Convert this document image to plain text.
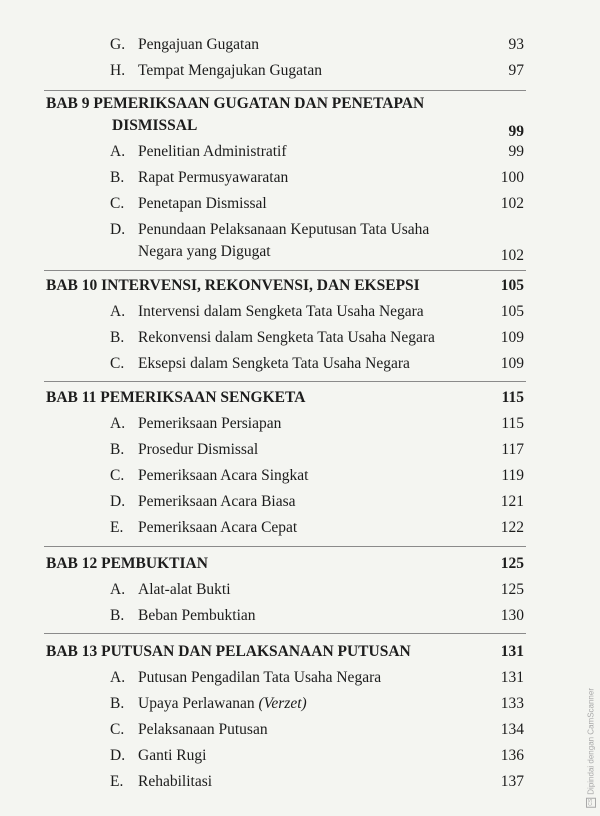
G. Pengajuan Gugatan	93
H. Tempat Mengajukan Gugatan	97
BAB 9 PEMERIKSAAN GUGATAN DAN PENETAPAN
DISMISSAL	99
A. Penelitian Administratif	99
B. Rapat Permusyawaratan	100
C. Penetapan Dismissal	102
D. Penundaan Pelaksanaan Keputusan Tata Usaha
Negara yang Digugat	102
BAB 10 INTERVENSI, REKONVENSI, DAN EKSEPSI	105
A. Intervensi dalam Sengketa Tata Usaha Negara	105
B. Rekonvensi dalam Sengketa Tata Usaha Negara	109
C. Eksepsi dalam Sengketa Tata Usaha Negara	109
BAB 11 PEMERIKSAAN SENGKETA	115
A. Pemeriksaan Persiapan	115
B. Prosedur Dismissal	117
C. Pemeriksaan Acara Singkat	119
D. Pemeriksaan Acara Biasa	121
E. Pemeriksaan Acara Cepat	122
BAB 12 PEMBUKTIAN	125
A. Alat-alat Bukti	125
B. Beban Pembuktian	130
BAB 13 PUTUSAN DAN PELAKSANAAN PUTUSAN	131
A. Putusan Pengadilan Tata Usaha Negara	131
B. Upaya Perlawanan (Verzet)	133
C. Pelaksanaan Putusan	134
D. Ganti Rugi	136
E. Rehabilitasi	137
CS
Dipindai dengan CamScanner
